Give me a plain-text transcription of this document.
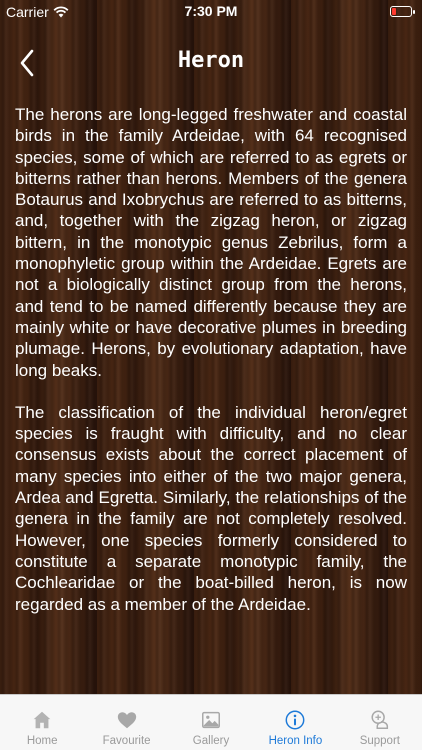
Carrier	7:30 PM
Heron

The herons are long-legged freshwater and coastal birds in the family Ardeidae, with 64 recognised species, some of which are referred to as egrets or bitterns rather than herons. Members of the genera Botaurus and Ixobrychus are referred to as bitterns, and, together with the zigzag heron, or zigzag bittern, in the monotypic genus Zebrilus, form a monophyletic group within the Ardeidae. Egrets are not a biologically distinct group from the herons, and tend to be named differently because they are mainly white or have decorative plumes in breeding plumage. Herons, by evolutionary adaptation, have long beaks.

The classification of the individual heron/egret species is fraught with difficulty, and no clear consensus exists about the correct placement of many species into either of the two major genera, Ardea and Egretta. Similarly, the relationships of the genera in the family are not completely resolved. However, one species formerly considered to constitute a separate monotypic family, the Cochlearidae or the boat-billed heron, is now regarded as a member of the Ardeidae.

Home	Favourite	Gallery	Heron Info	Support
